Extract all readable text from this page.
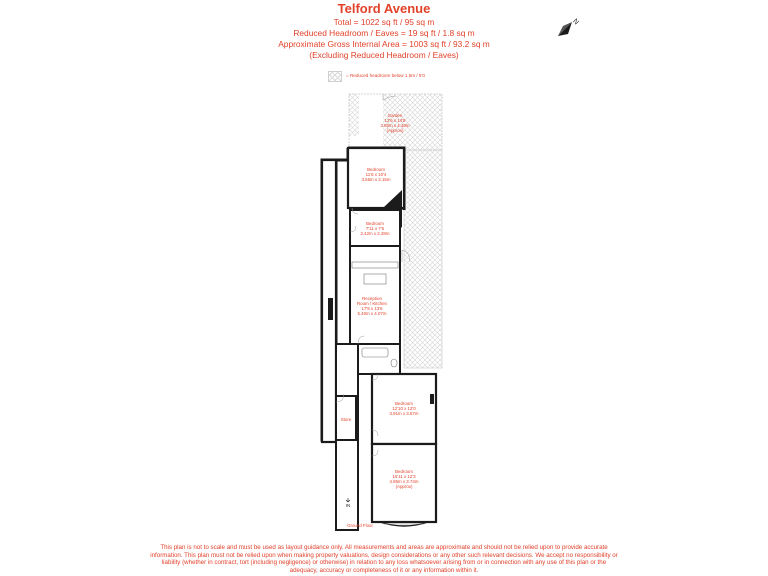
Telford Avenue
Total = 1022 sq ft / 95 sq m
Reduced Headroom / Eaves = 19 sq ft / 1.8 sq m
Approximate Gross Internal Area = 1003 sq ft / 93.2 sq m
(Excluding Reduced Headroom / Eaves)
= Reduced headroom below 1.5m / 5'0
N
Garden
12'6 x 14'8
3.80m x 4.48m
(Approx)
Bedroom
11'8 x 10'4
3.55m x 3.15m
Bedroom
7'11 x 7'6
2.42m x 2.28m
Reception
Room / Kitchen
17'8 x 13'6
5.40m x 4.07m
Bedroom
12'10 x 12'0
3.91m x 3.67m
Bedroom
15'11 x 12'3
4.85m x 3.74m
(Approx)
Store
IN
Ground Floor
This plan is not to scale and must be used as layout guidance only. All measurements and areas are approximate and should not be relied upon to provide accurate information. This plan must not be relied upon when making property valuations, design considerations or any other such relevant decisions. We accept no responsibility or liability (whether in contract, tort (including negligence) or otherwise) in relation to any loss whatsoever arising from or in connection with any use of this plan or the adequacy, accuracy or completeness of it or any information within it.
